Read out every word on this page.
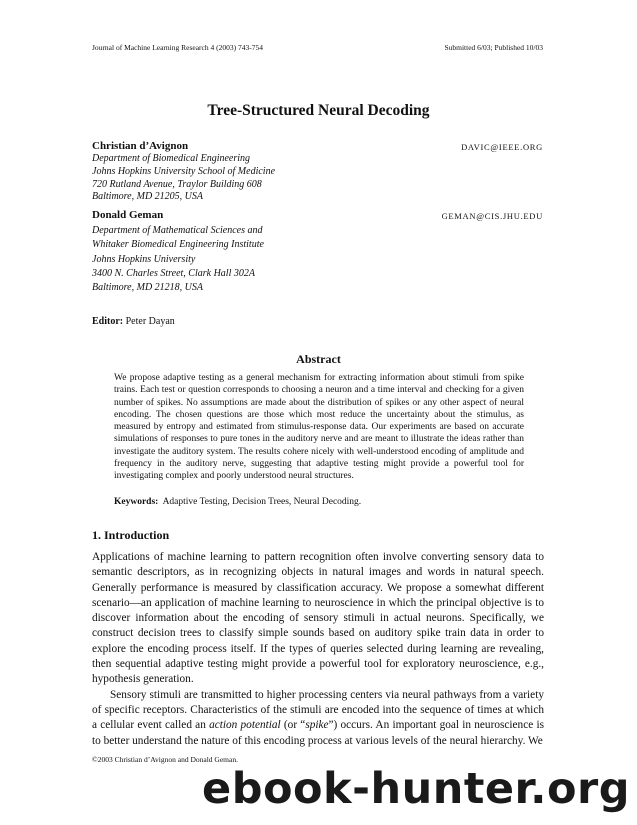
Journal of Machine Learning Research 4 (2003) 743-754	Submitted 6/03; Published 10/03
Tree-Structured Neural Decoding
Christian d’Avignon	DAVIC@IEEE.ORG
Department of Biomedical Engineering
Johns Hopkins University School of Medicine
720 Rutland Avenue, Traylor Building 608
Baltimore, MD 21205, USA
Donald Geman	GEMAN@CIS.JHU.EDU
Department of Mathematical Sciences and
Whitaker Biomedical Engineering Institute
Johns Hopkins University
3400 N. Charles Street, Clark Hall 302A
Baltimore, MD 21218, USA
Editor: Peter Dayan
Abstract
We propose adaptive testing as a general mechanism for extracting information about stimuli from spike trains. Each test or question corresponds to choosing a neuron and a time interval and checking for a given number of spikes. No assumptions are made about the distribution of spikes or any other aspect of neural encoding. The chosen questions are those which most reduce the uncertainty about the stimulus, as measured by entropy and estimated from stimulus-response data. Our experiments are based on accurate simulations of responses to pure tones in the auditory nerve and are meant to illustrate the ideas rather than investigate the auditory system. The results cohere nicely with well-understood encoding of amplitude and frequency in the auditory nerve, suggesting that adaptive testing might provide a powerful tool for investigating complex and poorly understood neural structures.
Keywords: Adaptive Testing, Decision Trees, Neural Decoding.
1. Introduction

Applications of machine learning to pattern recognition often involve converting sensory data to semantic descriptors, as in recognizing objects in natural images and words in natural speech. Generally performance is measured by classification accuracy. We propose a somewhat different scenario—an application of machine learning to neuroscience in which the principal objective is to discover information about the encoding of sensory stimuli in actual neurons. Specifically, we construct decision trees to classify simple sounds based on auditory spike train data in order to explore the encoding process itself. If the types of queries selected during learning are revealing, then sequential adaptive testing might provide a powerful tool for exploratory neuroscience, e.g., hypothesis generation.

Sensory stimuli are transmitted to higher processing centers via neural pathways from a variety of specific receptors. Characteristics of the stimuli are encoded into the sequence of times at which a cellular event called an action potential (or “spike”) occurs. An important goal in neuroscience is to better understand the nature of this encoding process at various levels of the neural hierarchy. We

©2003 Christian d’Avignon and Donald Geman.
ebook-hunter.org
